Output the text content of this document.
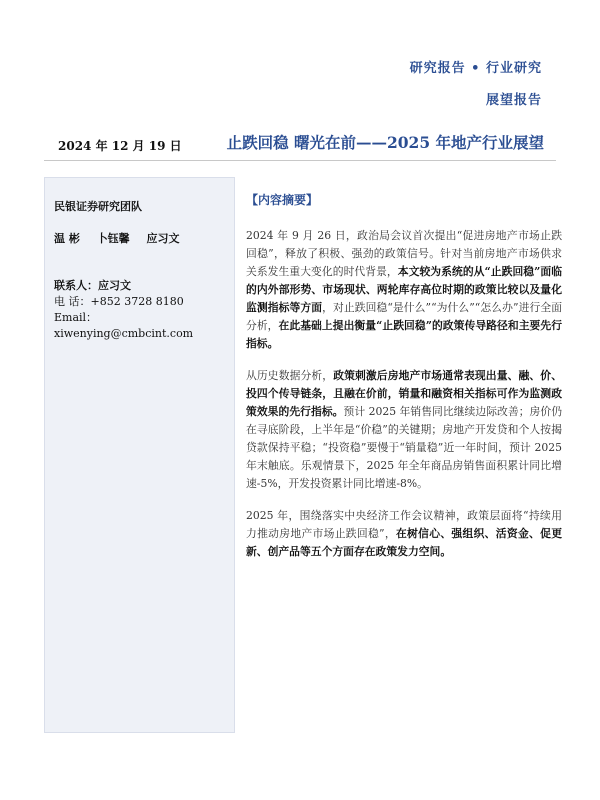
研究报告 • 行业研究
展望报告
2024 年 12 月 19 日	止跌回稳 曙光在前——2025 年地产行业展望
民银证券研究团队
温 彬 卜钰馨 应习文
联系人：应习文
电 话：+852 3728 8180
Email：xiwenying@cmbcint.com
【内容摘要】

2024 年 9 月 26 日，政治局会议首次提出“促进房地产市场止跌回稳”，释放了积极、强劲的政策信号。针对当前房地产市场供求关系发生重大变化的时代背景，本文较为系统的从“止跌回稳”面临的内外部形势、市场现状、两轮库存高位时期的政策比较以及量化监测指标等方面，对止跌回稳“是什么”“为什么”“怎么办”进行全面分析，在此基础上提出衡量“止跌回稳”的政策传导路径和主要先行指标。

从历史数据分析，政策刺激后房地产市场通常表现出量、融、价、投四个传导链条，且融在价前，销量和融资相关指标可作为监测政策效果的先行指标。预计 2025 年销售同比继续边际改善；房价仍在寻底阶段，上半年是“价稳”的关键期；房地产开发贷和个人按揭贷款保持平稳；“投资稳”要慢于“销量稳”近一年时间，预计 2025 年末触底。乐观情景下，2025 年全年商品房销售面积累计同比增速-5%，开发投资累计同比增速-8%。

2025 年，围绕落实中央经济工作会议精神，政策层面将“持续用力推动房地产市场止跌回稳”，在树信心、强组织、活资金、促更新、创产品等五个方面存在政策发力空间。
